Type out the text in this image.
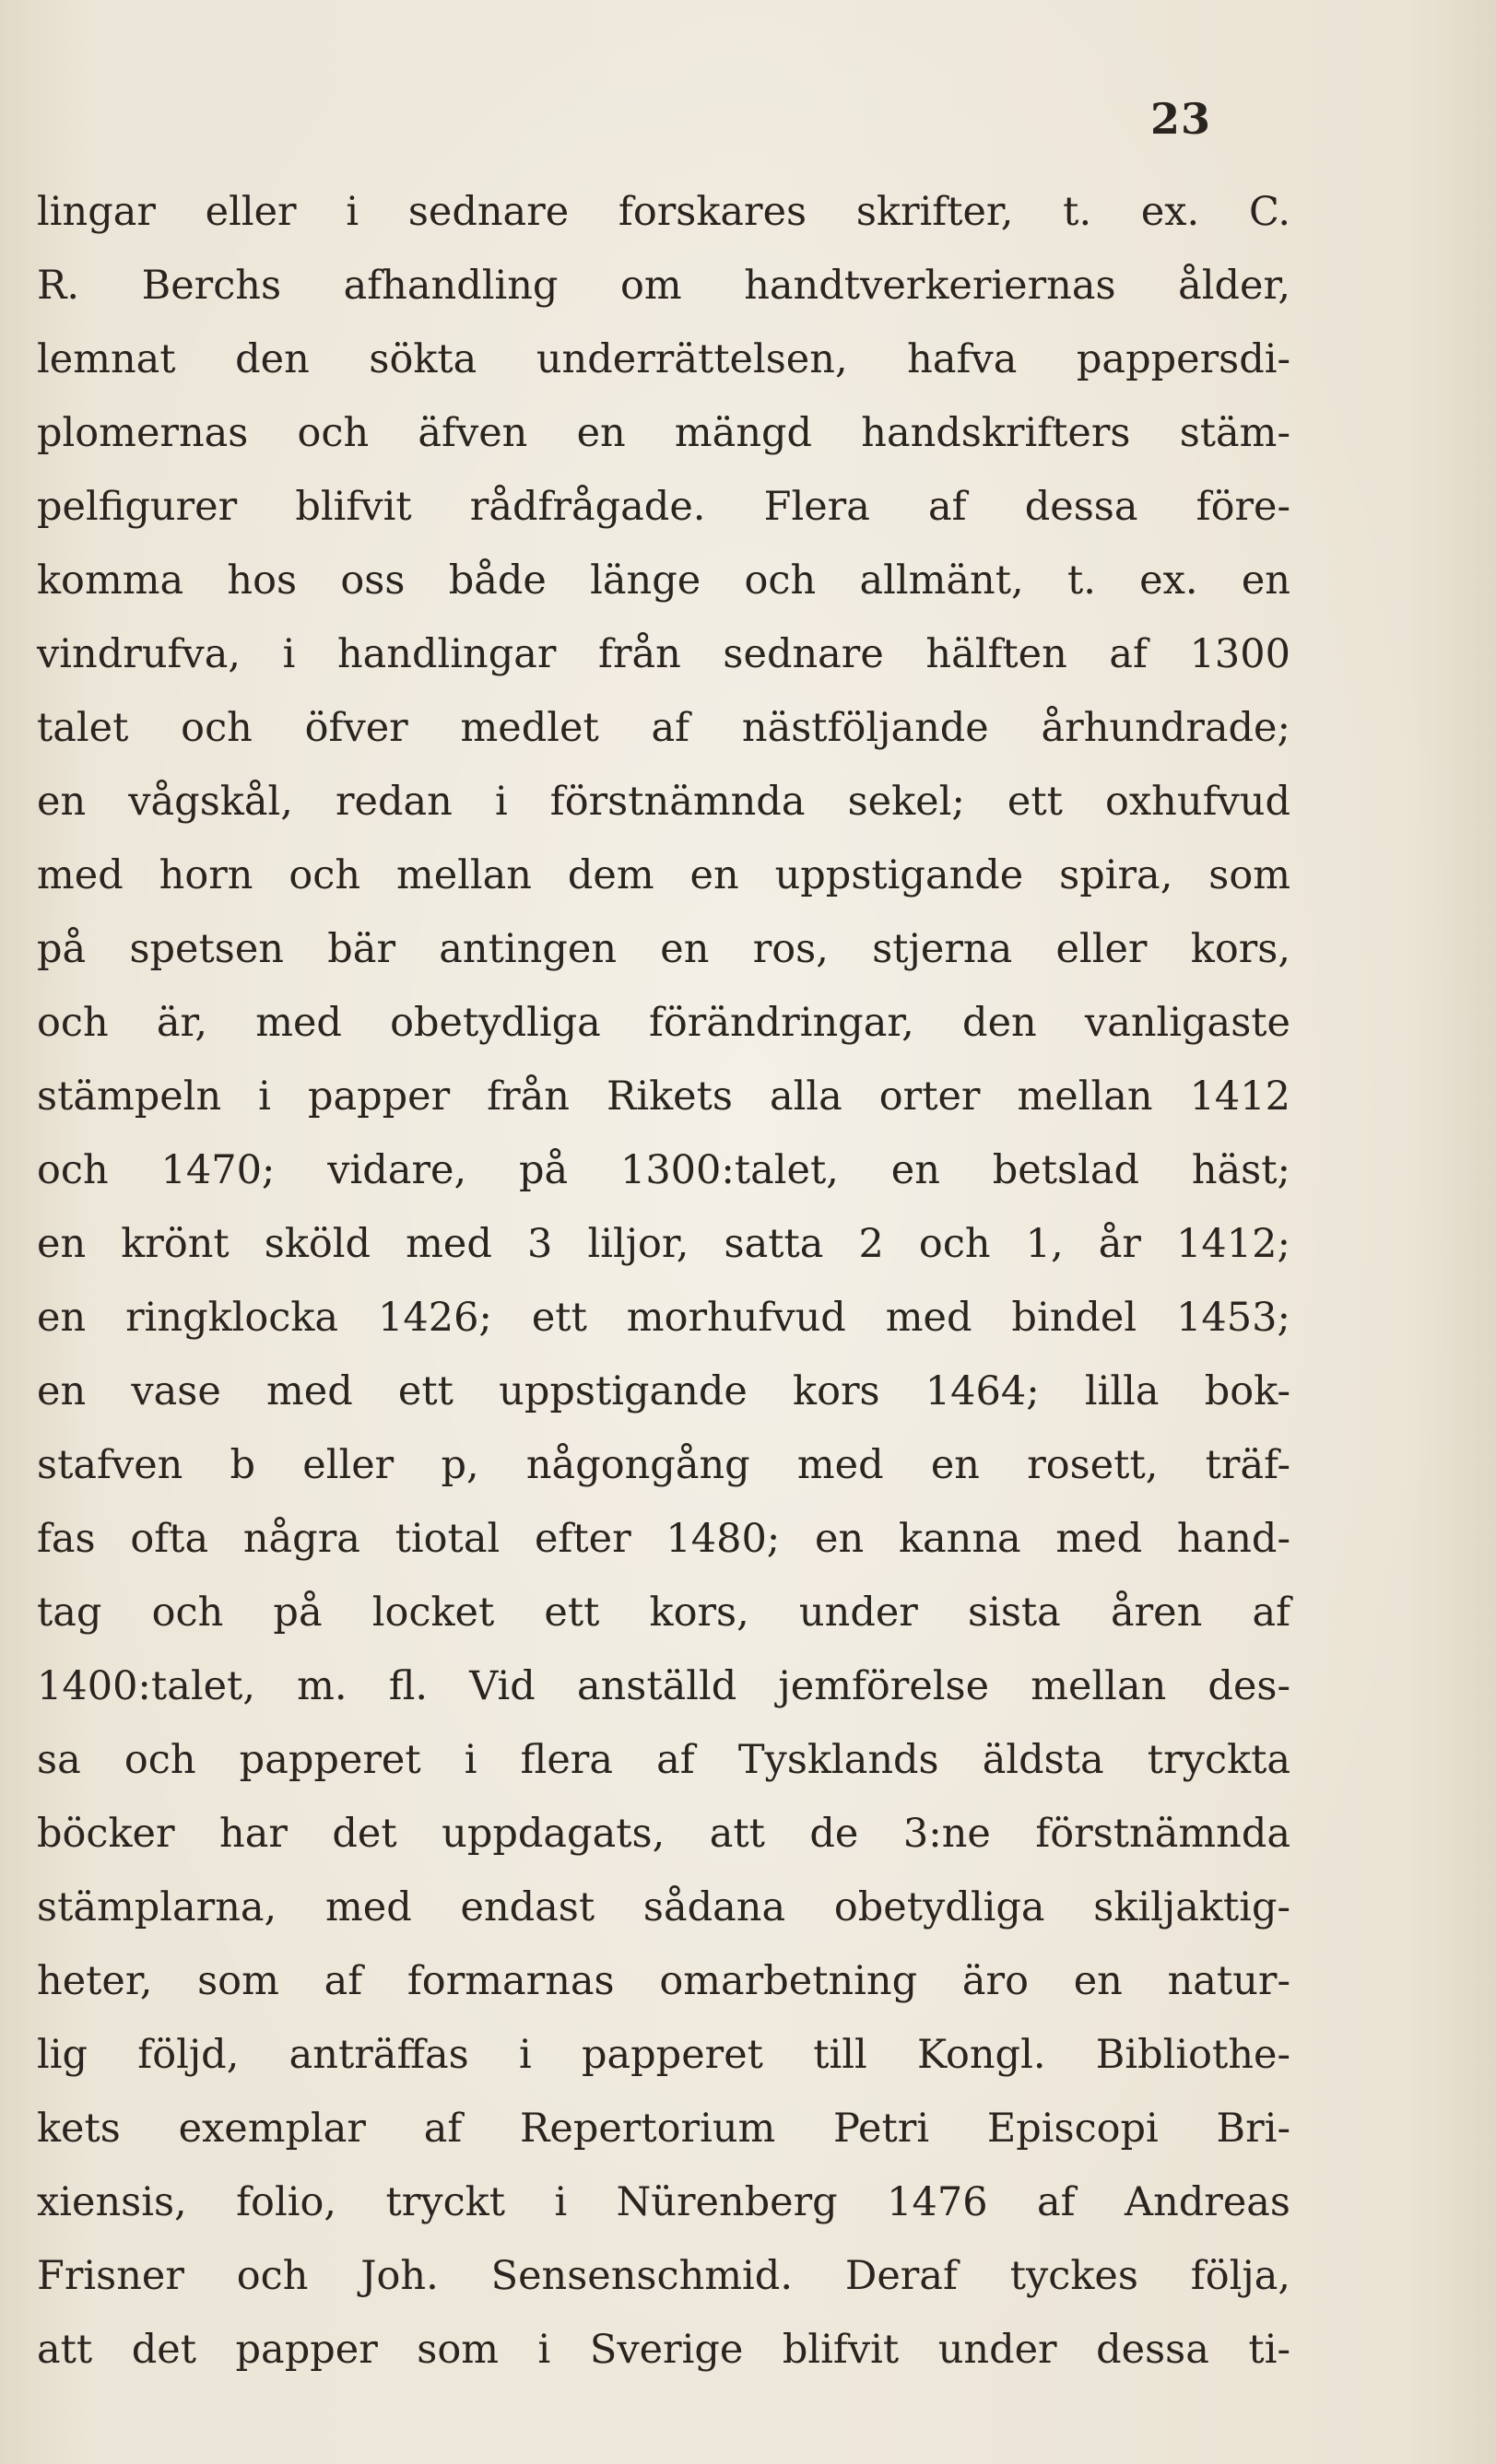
23
lingar eller i sednare forskares skrifter, t. ex. C.
R. Berchs afhandling om handtverkeriernas ålder,
lemnat den sökta underrättelsen, hafva pappersdi-
plomernas och äfven en mängd handskrifters stäm-
pelfigurer blifvit rådfrågade. Flera af dessa före-
komma hos oss både länge och allmänt, t. ex. en
vindrufva, i handlingar från sednare hälften af 1300
talet och öfver medlet af nästföljande århundrade;
en vågskål, redan i förstnämnda sekel; ett oxhufvud
med horn och mellan dem en uppstigande spira, som
på spetsen bär antingen en ros, stjerna eller kors,
och är, med obetydliga förändringar, den vanligaste
stämpeln i papper från Rikets alla orter mellan 1412
och 1470; vidare, på 1300:talet, en betslad häst;
en krönt sköld med 3 liljor, satta 2 och 1, år 1412;
en ringklocka 1426; ett morhufvud med bindel 1453;
en vase med ett uppstigande kors 1464; lilla bok-
stafven b eller p, någongång med en rosett, träf-
fas ofta några tiotal efter 1480; en kanna med hand-
tag och på locket ett kors, under sista åren af
1400:talet, m. fl. Vid anställd jemförelse mellan des-
sa och papperet i flera af Tysklands äldsta tryckta
böcker har det uppdagats, att de 3:ne förstnämnda
stämplarna, med endast sådana obetydliga skiljaktig-
heter, som af formarnas omarbetning äro en natur-
lig följd, anträffas i papperet till Kongl. Bibliothe-
kets exemplar af Repertorium Petri Episcopi Bri-
xiensis, folio, tryckt i Nürenberg 1476 af Andreas
Frisner och Joh. Sensenschmid. Deraf tyckes följa,
att det papper som i Sverige blifvit under dessa ti-
